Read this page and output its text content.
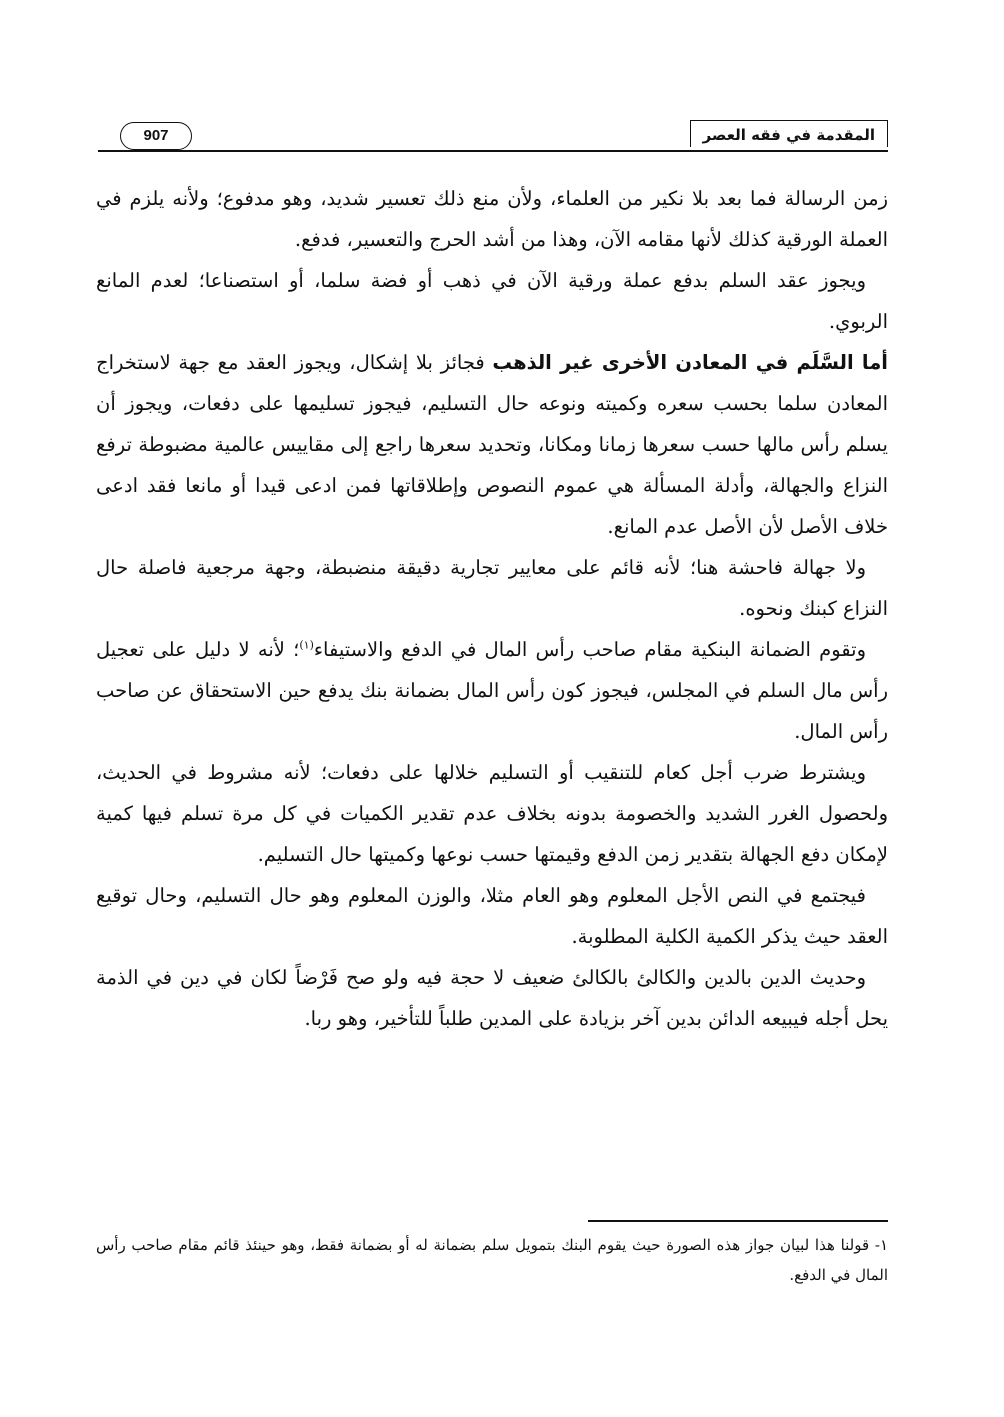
المقدمة في فقه العصر
907

زمن الرسالة فما بعد بلا نكير من العلماء، ولأن منع ذلك تعسير شديد، وهو مدفوع؛ ولأنه يلزم في العملة الورقية كذلك لأنها مقامه الآن، وهذا من أشد الحرج والتعسير، فدفع.

ويجوز عقد السلم بدفع عملة ورقية الآن في ذهب أو فضة سلما، أو استصناعا؛ لعدم المانع الربوي.

أما السَّلَم في المعادن الأخرى غير الذهب فجائز بلا إشكال، ويجوز العقد مع جهة لاستخراج المعادن سلما بحسب سعره وكميته ونوعه حال التسليم، فيجوز تسليمها على دفعات، ويجوز أن يسلم رأس مالها حسب سعرها زمانا ومكانا، وتحديد سعرها راجع إلى مقاييس عالمية مضبوطة ترفع النزاع والجهالة، وأدلة المسألة هي عموم النصوص وإطلاقاتها فمن ادعى قيدا أو مانعا فقد ادعى خلاف الأصل لأن الأصل عدم المانع.

ولا جهالة فاحشة هنا؛ لأنه قائم على معايير تجارية دقيقة منضبطة، وجهة مرجعية فاصلة حال النزاع كبنك ونحوه.

وتقوم الضمانة البنكية مقام صاحب رأس المال في الدفع والاستيفاء$^{(١)}$؛ لأنه لا دليل على تعجيل رأس مال السلم في المجلس، فيجوز كون رأس المال بضمانة بنك يدفع حين الاستحقاق عن صاحب رأس المال.

ويشترط ضرب أجل كعام للتنقيب أو التسليم خلالها على دفعات؛ لأنه مشروط في الحديث، ولحصول الغرر الشديد والخصومة بدونه بخلاف عدم تقدير الكميات في كل مرة تسلم فيها كمية لإمكان دفع الجهالة بتقدير زمن الدفع وقيمتها حسب نوعها وكميتها حال التسليم.

فيجتمع في النص الأجل المعلوم وهو العام مثلا، والوزن المعلوم وهو حال التسليم، وحال توقيع العقد حيث يذكر الكمية الكلية المطلوبة.

وحديث الدين بالدين والكالئ بالكالئ ضعيف لا حجة فيه ولو صح فَرْضاً لكان في دين في الذمة يحل أجله فيبيعه الدائن بدين آخر بزيادة على المدين طلباً للتأخير، وهو ربا.

١- قولنا هذا لبيان جواز هذه الصورة حيث يقوم البنك بتمويل سلم بضمانة له أو بضمانة فقط، وهو حينئذ قائم مقام صاحب رأس المال في الدفع.
